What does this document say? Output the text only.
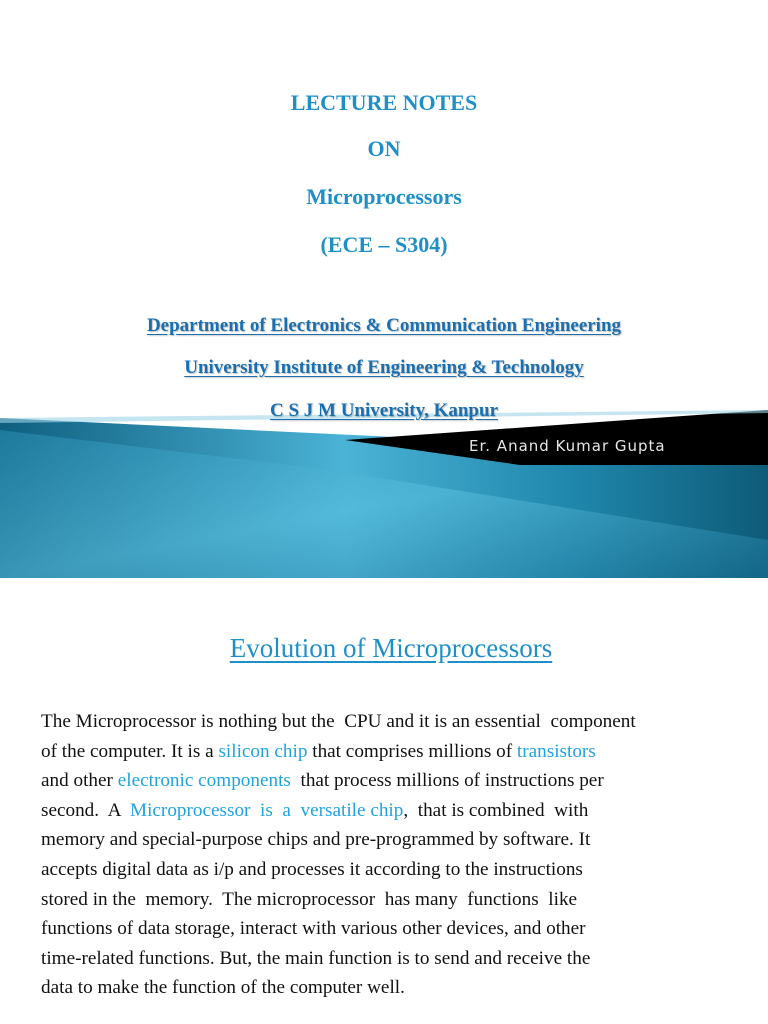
LECTURE NOTES
ON
Microprocessors
(ECE – S304)
Department of Electronics & Communication Engineering
University Institute of Engineering & Technology
C S J M University, Kanpur
Er. Anand Kumar Gupta
Evolution of Microprocessors
The Microprocessor is nothing but the  CPU and it is an essential  component
of the computer. It is a silicon chip that comprises millions of transistors
and other electronic components  that process millions of instructions per
second.  A  Microprocessor  is  a  versatile chip,  that is combined  with
memory and special-purpose chips and pre-programmed by software. It
accepts digital data as i/p and processes it according to the instructions
stored in the  memory.  The microprocessor  has many  functions  like
functions of data storage, interact with various other devices, and other
time-related functions. But, the main function is to send and receive the
data to make the function of the computer well.
